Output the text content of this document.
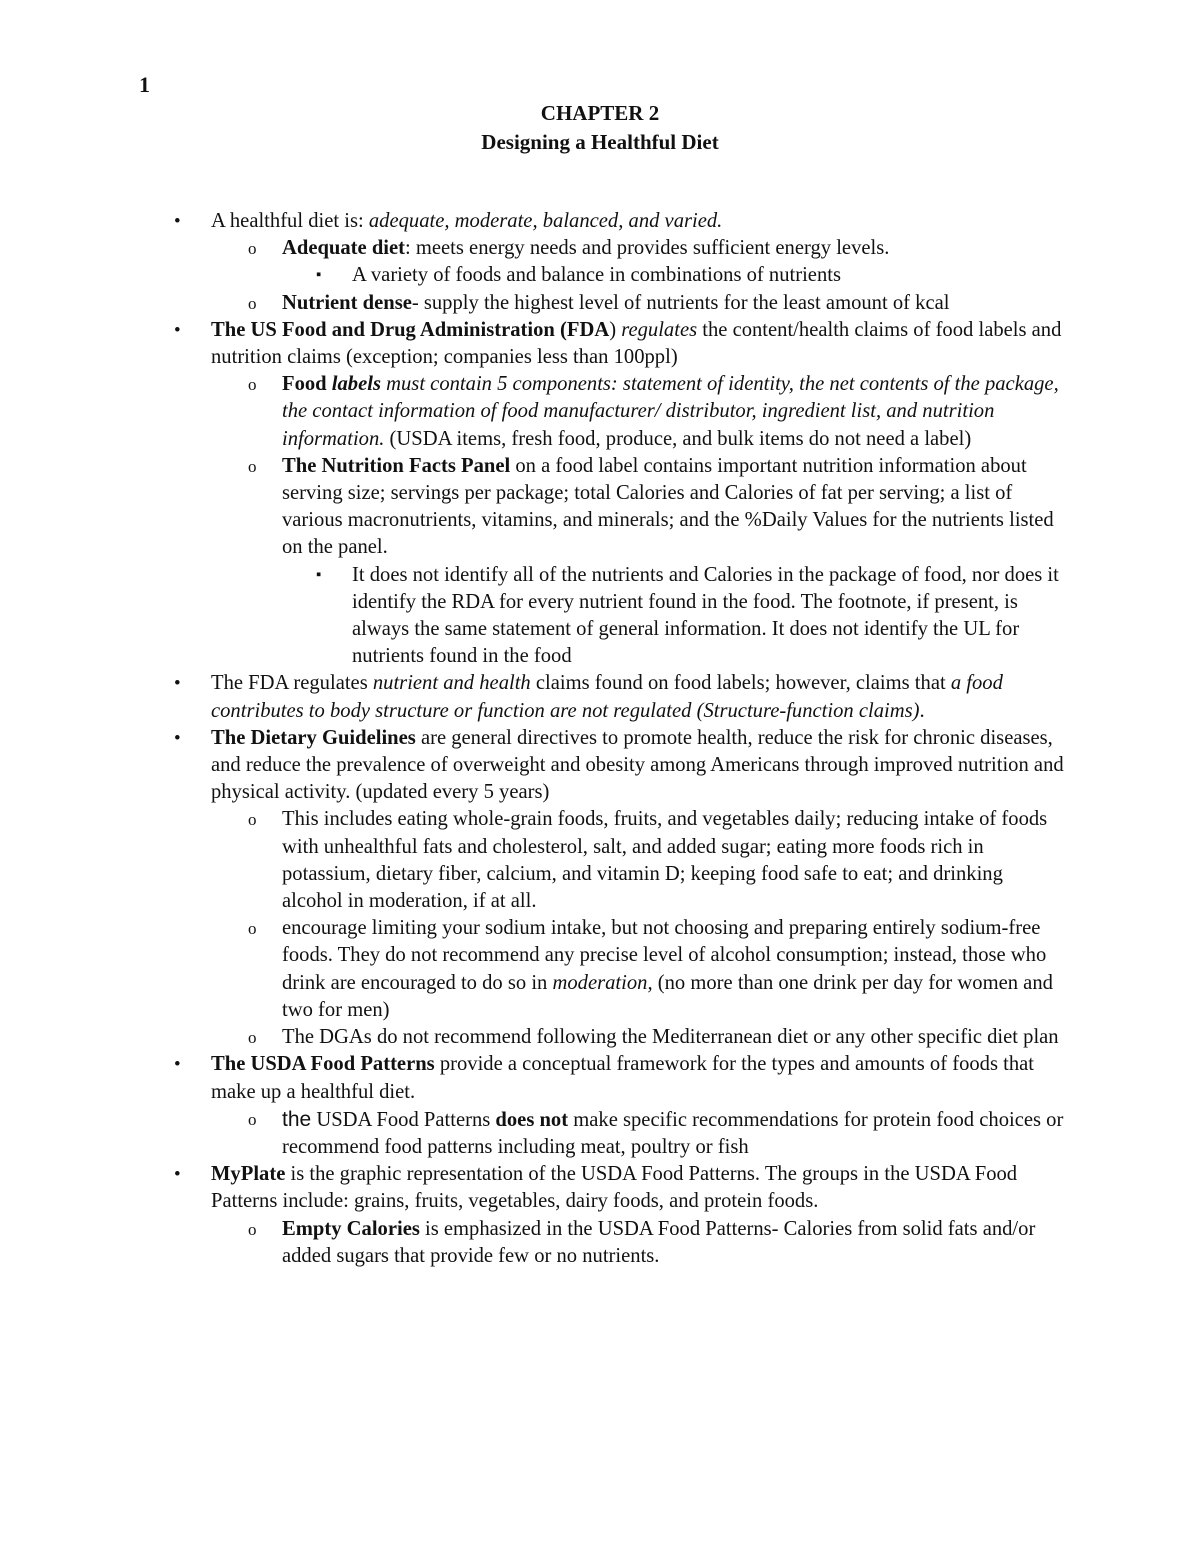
1
CHAPTER 2
Designing a Healthful Diet
• A healthful diet is: adequate, moderate, balanced, and varied.
o Adequate diet: meets energy needs and provides sufficient energy levels.
▪ A variety of foods and balance in combinations of nutrients
o Nutrient dense- supply the highest level of nutrients for the least amount of kcal
• The US Food and Drug Administration (FDA) regulates the content/health claims of food labels and nutrition claims (exception; companies less than 100ppl)
o Food labels must contain 5 components: statement of identity, the net contents of the package, the contact information of food manufacturer/ distributor, ingredient list, and nutrition information. (USDA items, fresh food, produce, and bulk items do not need a label)
o The Nutrition Facts Panel on a food label contains important nutrition information about serving size; servings per package; total Calories and Calories of fat per serving; a list of various macronutrients, vitamins, and minerals; and the %Daily Values for the nutrients listed on the panel.
▪ It does not identify all of the nutrients and Calories in the package of food, nor does it identify the RDA for every nutrient found in the food. The footnote, if present, is always the same statement of general information. It does not identify the UL for nutrients found in the food
• The FDA regulates nutrient and health claims found on food labels; however, claims that a food contributes to body structure or function are not regulated (Structure-function claims).
• The Dietary Guidelines are general directives to promote health, reduce the risk for chronic diseases, and reduce the prevalence of overweight and obesity among Americans through improved nutrition and physical activity. (updated every 5 years)
o This includes eating whole-grain foods, fruits, and vegetables daily; reducing intake of foods with unhealthful fats and cholesterol, salt, and added sugar; eating more foods rich in potassium, dietary fiber, calcium, and vitamin D; keeping food safe to eat; and drinking alcohol in moderation, if at all.
o encourage limiting your sodium intake, but not choosing and preparing entirely sodium-free foods. They do not recommend any precise level of alcohol consumption; instead, those who drink are encouraged to do so in moderation, (no more than one drink per day for women and two for men)
o The DGAs do not recommend following the Mediterranean diet or any other specific diet plan
• The USDA Food Patterns provide a conceptual framework for the types and amounts of foods that make up a healthful diet.
o the USDA Food Patterns does not make specific recommendations for protein food choices or recommend food patterns including meat, poultry or fish
• MyPlate is the graphic representation of the USDA Food Patterns. The groups in the USDA Food Patterns include: grains, fruits, vegetables, dairy foods, and protein foods.
o Empty Calories is emphasized in the USDA Food Patterns- Calories from solid fats and/or added sugars that provide few or no nutrients.
